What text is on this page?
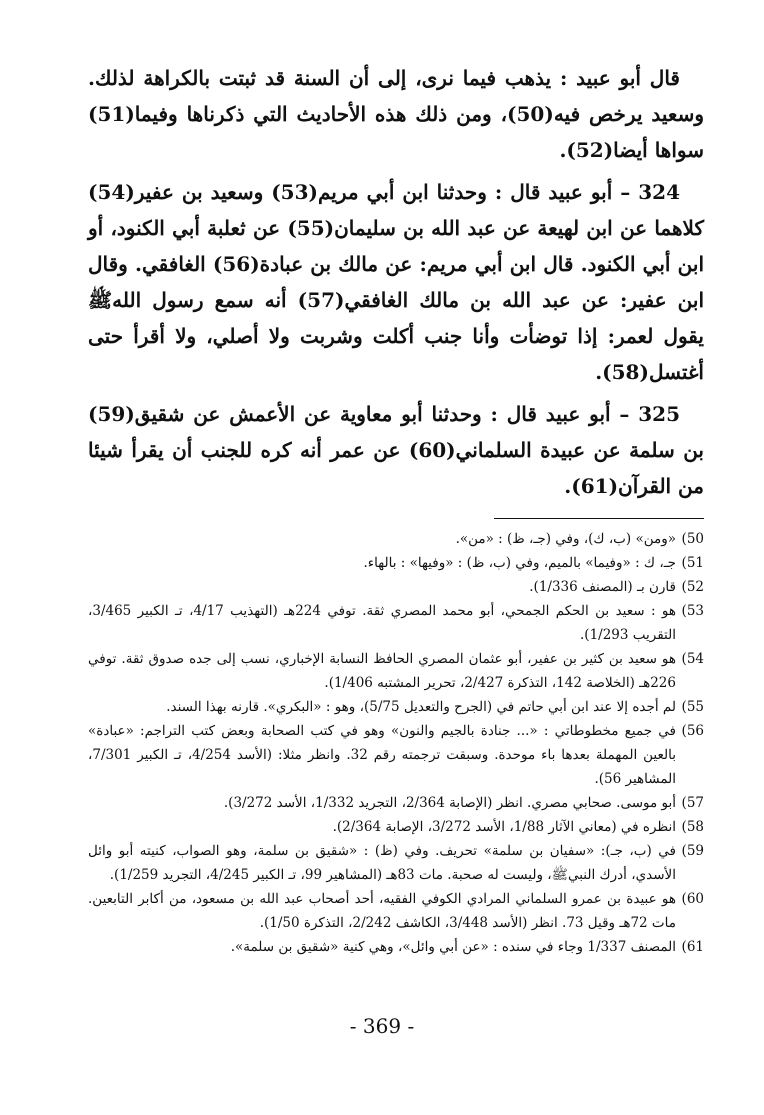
قال أبو عبيد : يذهب فيما نرى، إلى أن السنة قد ثبتت بالكراهة لذلك. وسعيد يرخص فيه(50)، ومن ذلك هذه الأحاديث التي ذكرناها وفيما(51) سواها أيضا(52).

324 – أبو عبيد قال : وحدثنا ابن أبي مريم(53) وسعيد بن عفير(54) كلاهما عن ابن لهيعة عن عبد الله بن سليمان(55) عن ثعلبة أبي الكنود، أو ابن أبي الكنود. قال ابن أبي مريم: عن مالك بن عبادة(56) الغافقي. وقال ابن عفير: عن عبد الله بن مالك الغافقي(57) أنه سمع رسول اللهﷺ يقول لعمر: إذا توضأت وأنا جنب أكلت وشربت ولا أصلي، ولا أقرأ حتى أغتسل(58).

325 – أبو عبيد قال : وحدثنا أبو معاوية عن الأعمش عن شقيق(59) بن سلمة عن عبيدة السلماني(60) عن عمر أنه كره للجنب أن يقرأ شيئا من القرآن(61).

50)
«ومن» (ب، ك)، وفي (جـ، ظ) : «من».
51)
جـ، ك : «وفيما» بالميم، وفي (ب، ظ) : «وفيها» : بالهاء.
52)
قارن بـ (المصنف 1/336).
53)
هو : سعيد بن الحكم الجمحي، أبو محمد المصري ثقة. توفي 224هـ (التهذيب 4/17، تـ الكبير 3/465، التقريب 1/293).
54)
هو سعيد بن كثير بن عفير، أبو عثمان المصري الحافظ النسابة الإخباري، نسب إلى جده صدوق ثقة. توفي 226هـ (الخلاصة 142، التذكرة 2/427، تحرير المشتبه 1/406).
55)
لم أجده إلا عند ابن أبي حاتم في (الجرح والتعديل 5/75)، وهو : «البكري». قارنه بهذا السند.
56)
في جميع مخطوطاتي : «... جنادة بالجيم والنون» وهو في كتب الصحابة وبعض كتب التراجم: «عبادة» بالعين المهملة بعدها باء موحدة. وسبقت ترجمته رقم 32. وانظر مثلا: (الأسد 4/254، تـ الكبير 7/301، المشاهير 56).
57)
أبو موسى. صحابي مصري. انظر (الإصابة 2/364، التجريد 1/332، الأسد 3/272).
58)
انظره في (معاني الآثار 1/88، الأسد 3/272، الإصابة 2/364).
59)
في (ب، جـ): «سفيان بن سلمة» تحريف. وفي (ظ) : «شقيق بن سلمة، وهو الصواب، كنيته أبو وائل الأسدي، أدرك النبيﷺ، وليست له صحبة. مات 83هـ (المشاهير 99، تـ الكبير 4/245، التجريد 1/259).
60)
هو عبيدة بن عمرو السلماني المرادي الكوفي الفقيه، أحد أصحاب عبد الله بن مسعود، من أكابر التابعين. مات 72هـ وقيل 73. انظر (الأسد 3/448، الكاشف 2/242، التذكرة 1/50).
61)
المصنف 1/337 وجاء في سنده : «عن أبي وائل»، وهي كنية «شقيق بن سلمة».
- 369 -
